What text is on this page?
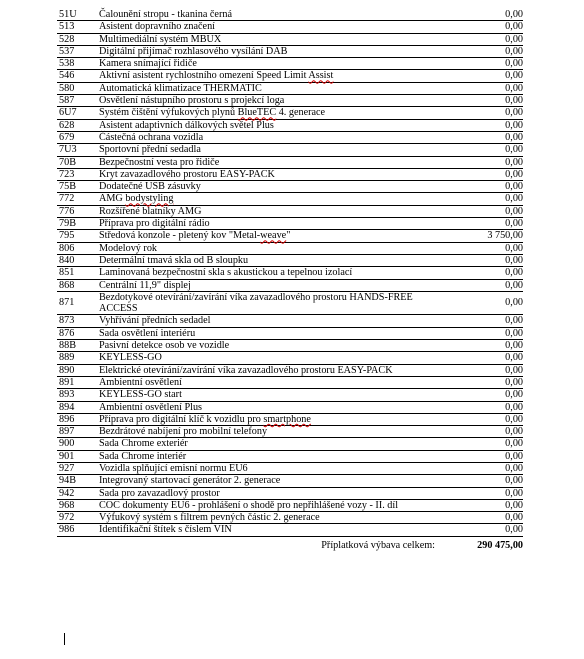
51U	Čalounění stropu - tkanina černá	0,00
513	Asistent dopravního značení	0,00
528	Multimediální systém MBUX	0,00
537	Digitální přijímač rozhlasového vysílání DAB	0,00
538	Kamera snímající řidiče	0,00
546	Aktivní asistent rychlostního omezení Speed Limit Assist	0,00
580	Automatická klimatizace THERMATIC	0,00
587	Osvětlení nástupního prostoru s projekcí loga	0,00
6U7	Systém čištění výfukových plynů BlueTEC 4. generace	0,00
628	Asistent adaptivních dálkových světel Plus	0,00
679	Částečná ochrana vozidla	0,00
7U3	Sportovní přední sedadla	0,00
70B	Bezpečnostní vesta pro řidiče	0,00
723	Kryt zavazadlového prostoru EASY-PACK	0,00
75B	Dodatečné USB zásuvky	0,00
772	AMG bodystyling	0,00
776	Rozšířené blatníky AMG	0,00
79B	Příprava pro digitální rádio	0,00
795	Středová konzole - pletený kov "Metal-weave"	3 750,00
806	Modelový rok	0,00
840	Determální tmavá skla od B sloupku	0,00
851	Laminovaná bezpečnostní skla s akustickou a tepelnou izolací	0,00
868	Centrální 11,9" displej	0,00
871	Bezdotykové otevírání/zavírání víka zavazadlového prostoru HANDS-FREE ACCESS	0,00
873	Vyhřívání předních sedadel	0,00
876	Sada osvětlení interiéru	0,00
88B	Pasivní detekce osob ve vozidle	0,00
889	KEYLESS-GO	0,00
890	Elektrické otevírání/zavírání víka zavazadlového prostoru EASY-PACK	0,00
891	Ambientní osvětlení	0,00
893	KEYLESS-GO start	0,00
894	Ambientní osvětlení Plus	0,00
896	Příprava pro digitální klíč k vozidlu pro smartphone	0,00
897	Bezdrátové nabíjení pro mobilní telefony	0,00
900	Sada Chrome exteriér	0,00
901	Sada Chrome interiér	0,00
927	Vozidla splňující emisní normu EU6	0,00
94B	Integrovaný startovací generátor 2. generace	0,00
942	Sada pro zavazadlový prostor	0,00
968	COC dokumenty EU6 - prohlášení o shodě pro nepřihlášené vozy - II. díl	0,00
972	Výfukový systém s filtrem pevných částic 2. generace	0,00
986	Identifikační štítek s číslem VIN	0,00
Příplatková výbava celkem:		290 475,00
